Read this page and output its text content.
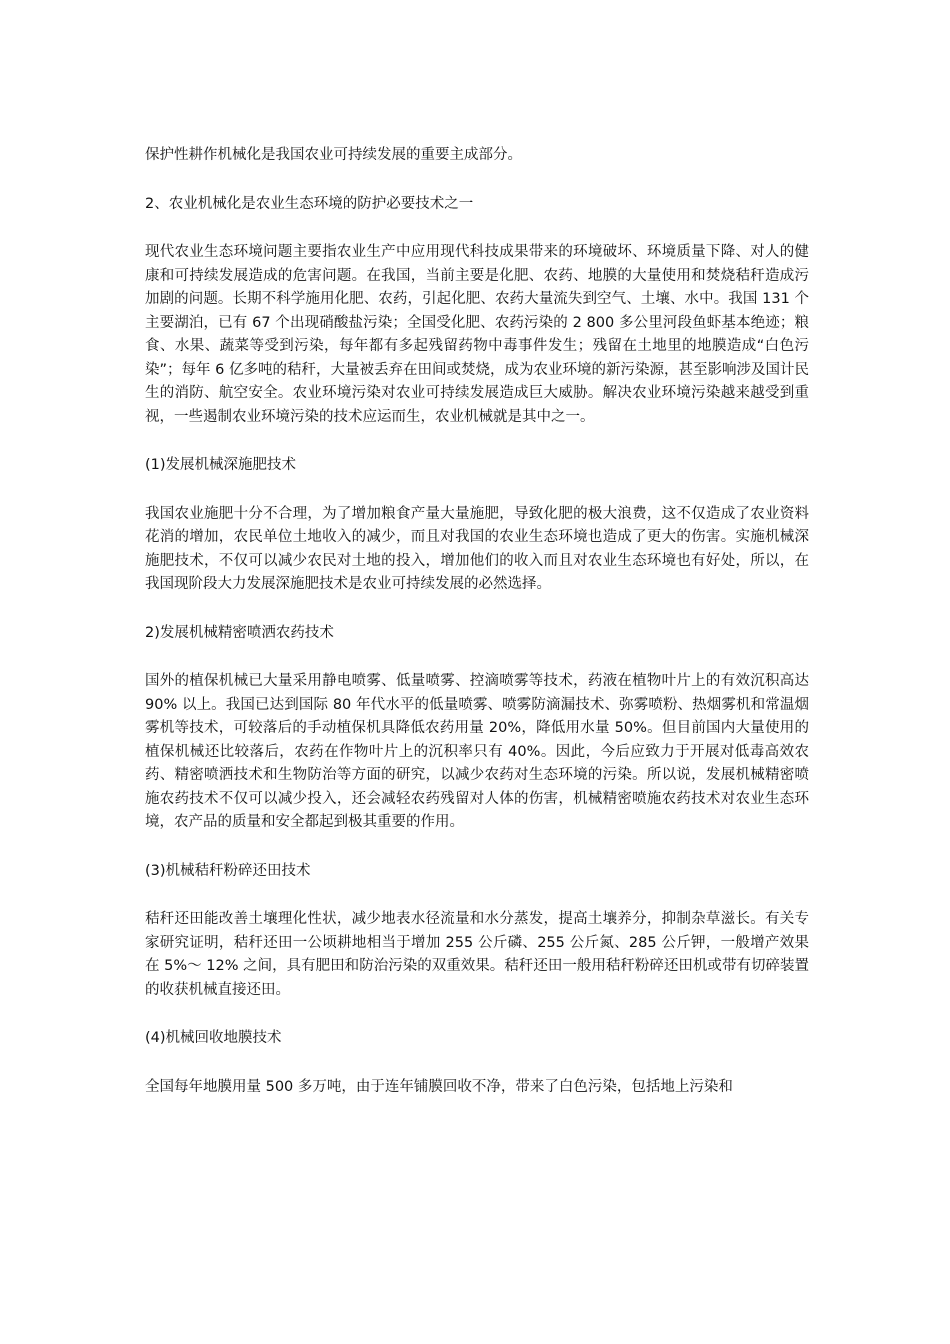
保护性耕作机械化是我国农业可持续发展的重要主成部分。

2、农业机械化是农业生态环境的防护必要技术之一

现代农业生态环境问题主要指农业生产中应用现代科技成果带来的环境破坏、环境质量下降、对人的健康和可持续发展造成的危害问题。在我国，当前主要是化肥、农药、地膜的大量使用和焚烧秸秆造成污加剧的问题。长期不科学施用化肥、农药，引起化肥、农药大量流失到空气、土壤、水中。我国 131 个主要湖泊，已有 67 个出现硝酸盐污染；全国受化肥、农药污染的 2 800 多公里河段鱼虾基本绝迹；粮食、水果、蔬菜等受到污染，每年都有多起残留药物中毒事件发生；残留在土地里的地膜造成“白色污染”；每年 6 亿多吨的秸秆，大量被丢弃在田间或焚烧，成为农业环境的新污染源，甚至影响涉及国计民生的消防、航空安全。农业环境污染对农业可持续发展造成巨大威胁。解决农业环境污染越来越受到重视，一些遏制农业环境污染的技术应运而生，农业机械就是其中之一。

(1)发展机械深施肥技术

我国农业施肥十分不合理，为了增加粮食产量大量施肥，导致化肥的极大浪费，这不仅造成了农业资料花消的增加，农民单位土地收入的减少，而且对我国的农业生态环境也造成了更大的伤害。实施机械深施肥技术，不仅可以减少农民对土地的投入，增加他们的收入而且对农业生态环境也有好处，所以，在我国现阶段大力发展深施肥技术是农业可持续发展的必然选择。

2)发展机械精密喷洒农药技术

国外的植保机械已大量采用静电喷雾、低量喷雾、控滴喷雾等技术，药液在植物叶片上的有效沉积高达 90% 以上。我国已达到国际 80 年代水平的低量喷雾、喷雾防滴漏技术、弥雾喷粉、热烟雾机和常温烟雾机等技术，可较落后的手动植保机具降低农药用量 20%，降低用水量 50%。但目前国内大量使用的植保机械还比较落后，农药在作物叶片上的沉积率只有 40%。因此，今后应致力于开展对低毒高效农药、精密喷洒技术和生物防治等方面的研究，以减少农药对生态环境的污染。所以说，发展机械精密喷施农药技术不仅可以减少投入，还会减轻农药残留对人体的伤害，机械精密喷施农药技术对农业生态环境，农产品的质量和安全都起到极其重要的作用。

(3)机械秸秆粉碎还田技术

秸秆还田能改善土壤理化性状，减少地表水径流量和水分蒸发，提高土壤养分，抑制杂草滋长。有关专家研究证明，秸秆还田一公顷耕地相当于增加 255 公斤磷、255 公斤氮、285 公斤钾，一般增产效果在 5%～ 12% 之间，具有肥田和防治污染的双重效果。秸秆还田一般用秸秆粉碎还田机或带有切碎装置的收获机械直接还田。

(4)机械回收地膜技术

全国每年地膜用量 500 多万吨，由于连年铺膜回收不净，带来了白色污染，包括地上污染和
